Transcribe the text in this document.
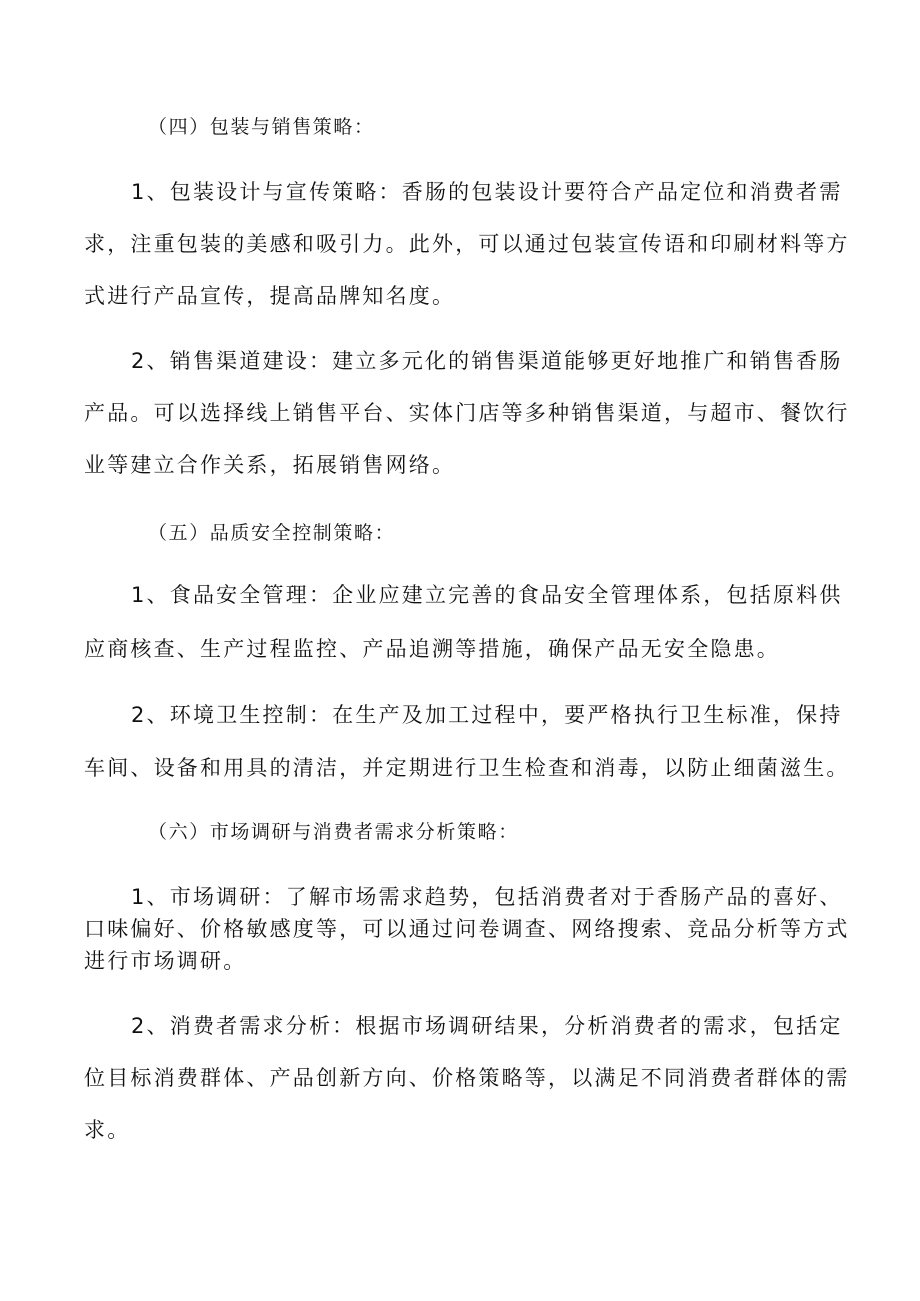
（四）包装与销售策略：

1、包装设计与宣传策略：香肠的包装设计要符合产品定位和消费者需

求，注重包装的美感和吸引力。此外，可以通过包装宣传语和印刷材料等方

式进行产品宣传，提高品牌知名度。

2、销售渠道建设：建立多元化的销售渠道能够更好地推广和销售香肠

产品。可以选择线上销售平台、实体门店等多种销售渠道，与超市、餐饮行

业等建立合作关系，拓展销售网络。

（五）品质安全控制策略：

1、食品安全管理：企业应建立完善的食品安全管理体系，包括原料供

应商核查、生产过程监控、产品追溯等措施，确保产品无安全隐患。

2、环境卫生控制：在生产及加工过程中，要严格执行卫生标准，保持

车间、设备和用具的清洁，并定期进行卫生检查和消毒，以防止细菌滋生。

（六）市场调研与消费者需求分析策略：

1、市场调研：了解市场需求趋势，包括消费者对于香肠产品的喜好、

口味偏好、价格敏感度等，可以通过问卷调查、网络搜索、竞品分析等方式

进行市场调研。

2、消费者需求分析：根据市场调研结果，分析消费者的需求，包括定

位目标消费群体、产品创新方向、价格策略等，以满足不同消费者群体的需

求。
